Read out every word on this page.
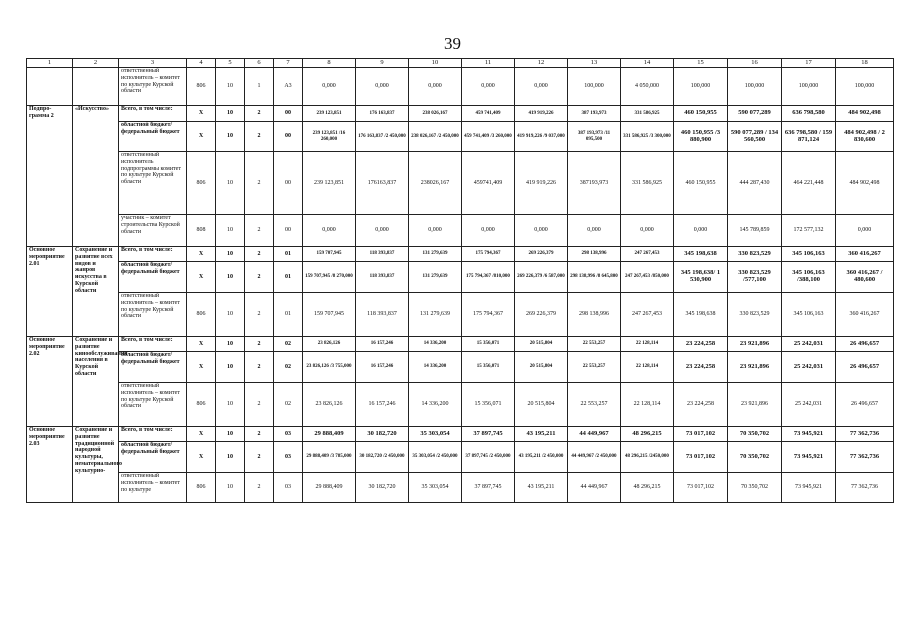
39
1	2	3	4	5	6	7	8	9	10	11	12	13	14	15	16	17	18
		ответственный исполнитель – комитет по культуре Курской области	806	10	1	А3	0,000	0,000	0,000	0,000	0,000	100,000	4 050,000	100,000	100,000	100,000	100,000
Подпро-грамма 2	«Искусство»	Всего, в том числе:	X	10	2	00	239 123,851	176 163,837	238 026,167	459 741,409	419 919,226	387 193,973	331 586,925	460 150,955	590 077,289	636 798,580	484 902,498
		областной бюджет/ федеральный бюджет	X	10	2	00	239 123,851 /16 260,000	176 163,837 /2 450,000	238 026,167 /2 450,000	459 741,409 /3 260,000	419 919,226 /9 037,000	387 193,973 /11 095,500	331 586,925 /3 300,000	460 150,955 /3 880,900	590 077,289 / 134 560,500	636 798,580 / 159 871,124	484 902,498 / 2 830,600
		ответственный исполнитель подпрограммы комитет по культуре Курской области	806	10	2	00	239 123,851	176163,837	238026,167	459741,409	419 919,226	387193,973	331 586,925	460 150,955	444 287,430	464 221,448	484 902,498
		участник – комитет строительства Курской области	808	10	2	00	0,000	0,000	0,000	0,000	0,000	0,000	0,000	0,000	145 789,859	172 577,132	0,000
Основное мероприятие 2.01	Сохранение и развитие всех видов и жанров искусства в Курской области	Всего, в том числе:	X	10	2	01	159 707,945	118 393,837	131 279,639	175 794,367	269 226,379	298 138,996	247 267,453	345 198,638	330 823,529	345 106,163	360 416,267
		областной бюджет/ федеральный бюджет	X	10	2	01	159 707,945 /8 270,000	118 393,837	131 279,639	175 794,367 /810,000	269 226,379 /6 587,000	298 138,996 /8 645,800	247 267,453 /850,000	345 198,638/ 1 530,900	330 823,529 /577,100	345 106,163 /388,100	360 416,267 / 480,600
		ответственный исполнитель – комитет по культуре Курской области	806	10	2	01	159 707,945	118 393,837	131 279,639	175 794,367	269 226,379	298 138,996	247 267,453	345 198,638	330 823,529	345 106,163	360 416,267
Основное мероприятие 2.02	Сохранение и развитие кинообслуживания населения в Курской области	Всего, в том числе:	X	10	2	02	23 826,126	16 157,246	14 336,200	15 356,071	20 515,804	22 553,257	22 128,114	23 224,258	23 921,896	25 242,031	26 496,657
		областной бюджет/ федеральный бюджет	X	10	2	02	23 826,126 /3 755,000	16 157,246	14 336,200	15 356,071	20 515,804	22 553,257	22 128,114	23 224,258	23 921,896	25 242,031	26 496,657
		ответственный исполнитель – комитет по культуре Курской области	806	10	2	02	23 826,126	16 157,246	14 336,200	15 356,071	20 515,804	22 553,257	22 128,114	23 224,258	23 921,896	25 242,031	26 496,657
Основное мероприятие 2.03	Сохранение и развитие традиционной народной культуры, нематериального культурно-	Всего, в том числе:	X	10	2	03	29 888,409	30 182,720	35 303,054	37 897,745	43 195,211	44 449,967	48 296,215	73 017,102	70 350,702	73 945,921	77 362,736
		областной бюджет/ федеральный бюджет	X	10	2	03	29 888,409 /3 785,000	30 182,720 /2 450,000	35 303,054 /2 450,000	37 897,745 /2 450,000	43 195,211 /2 450,000	44 449,967 /2 450,000	48 296,215 /2450,000	73 017,102	70 350,702	73 945,921	77 362,736
		ответственный исполнитель – комитет по культуре	806	10	2	03	29 888,409	30 182,720	35 303,054	37 897,745	43 195,211	44 449,967	48 296,215	73 017,102	70 350,702	73 945,921	77 362,736
